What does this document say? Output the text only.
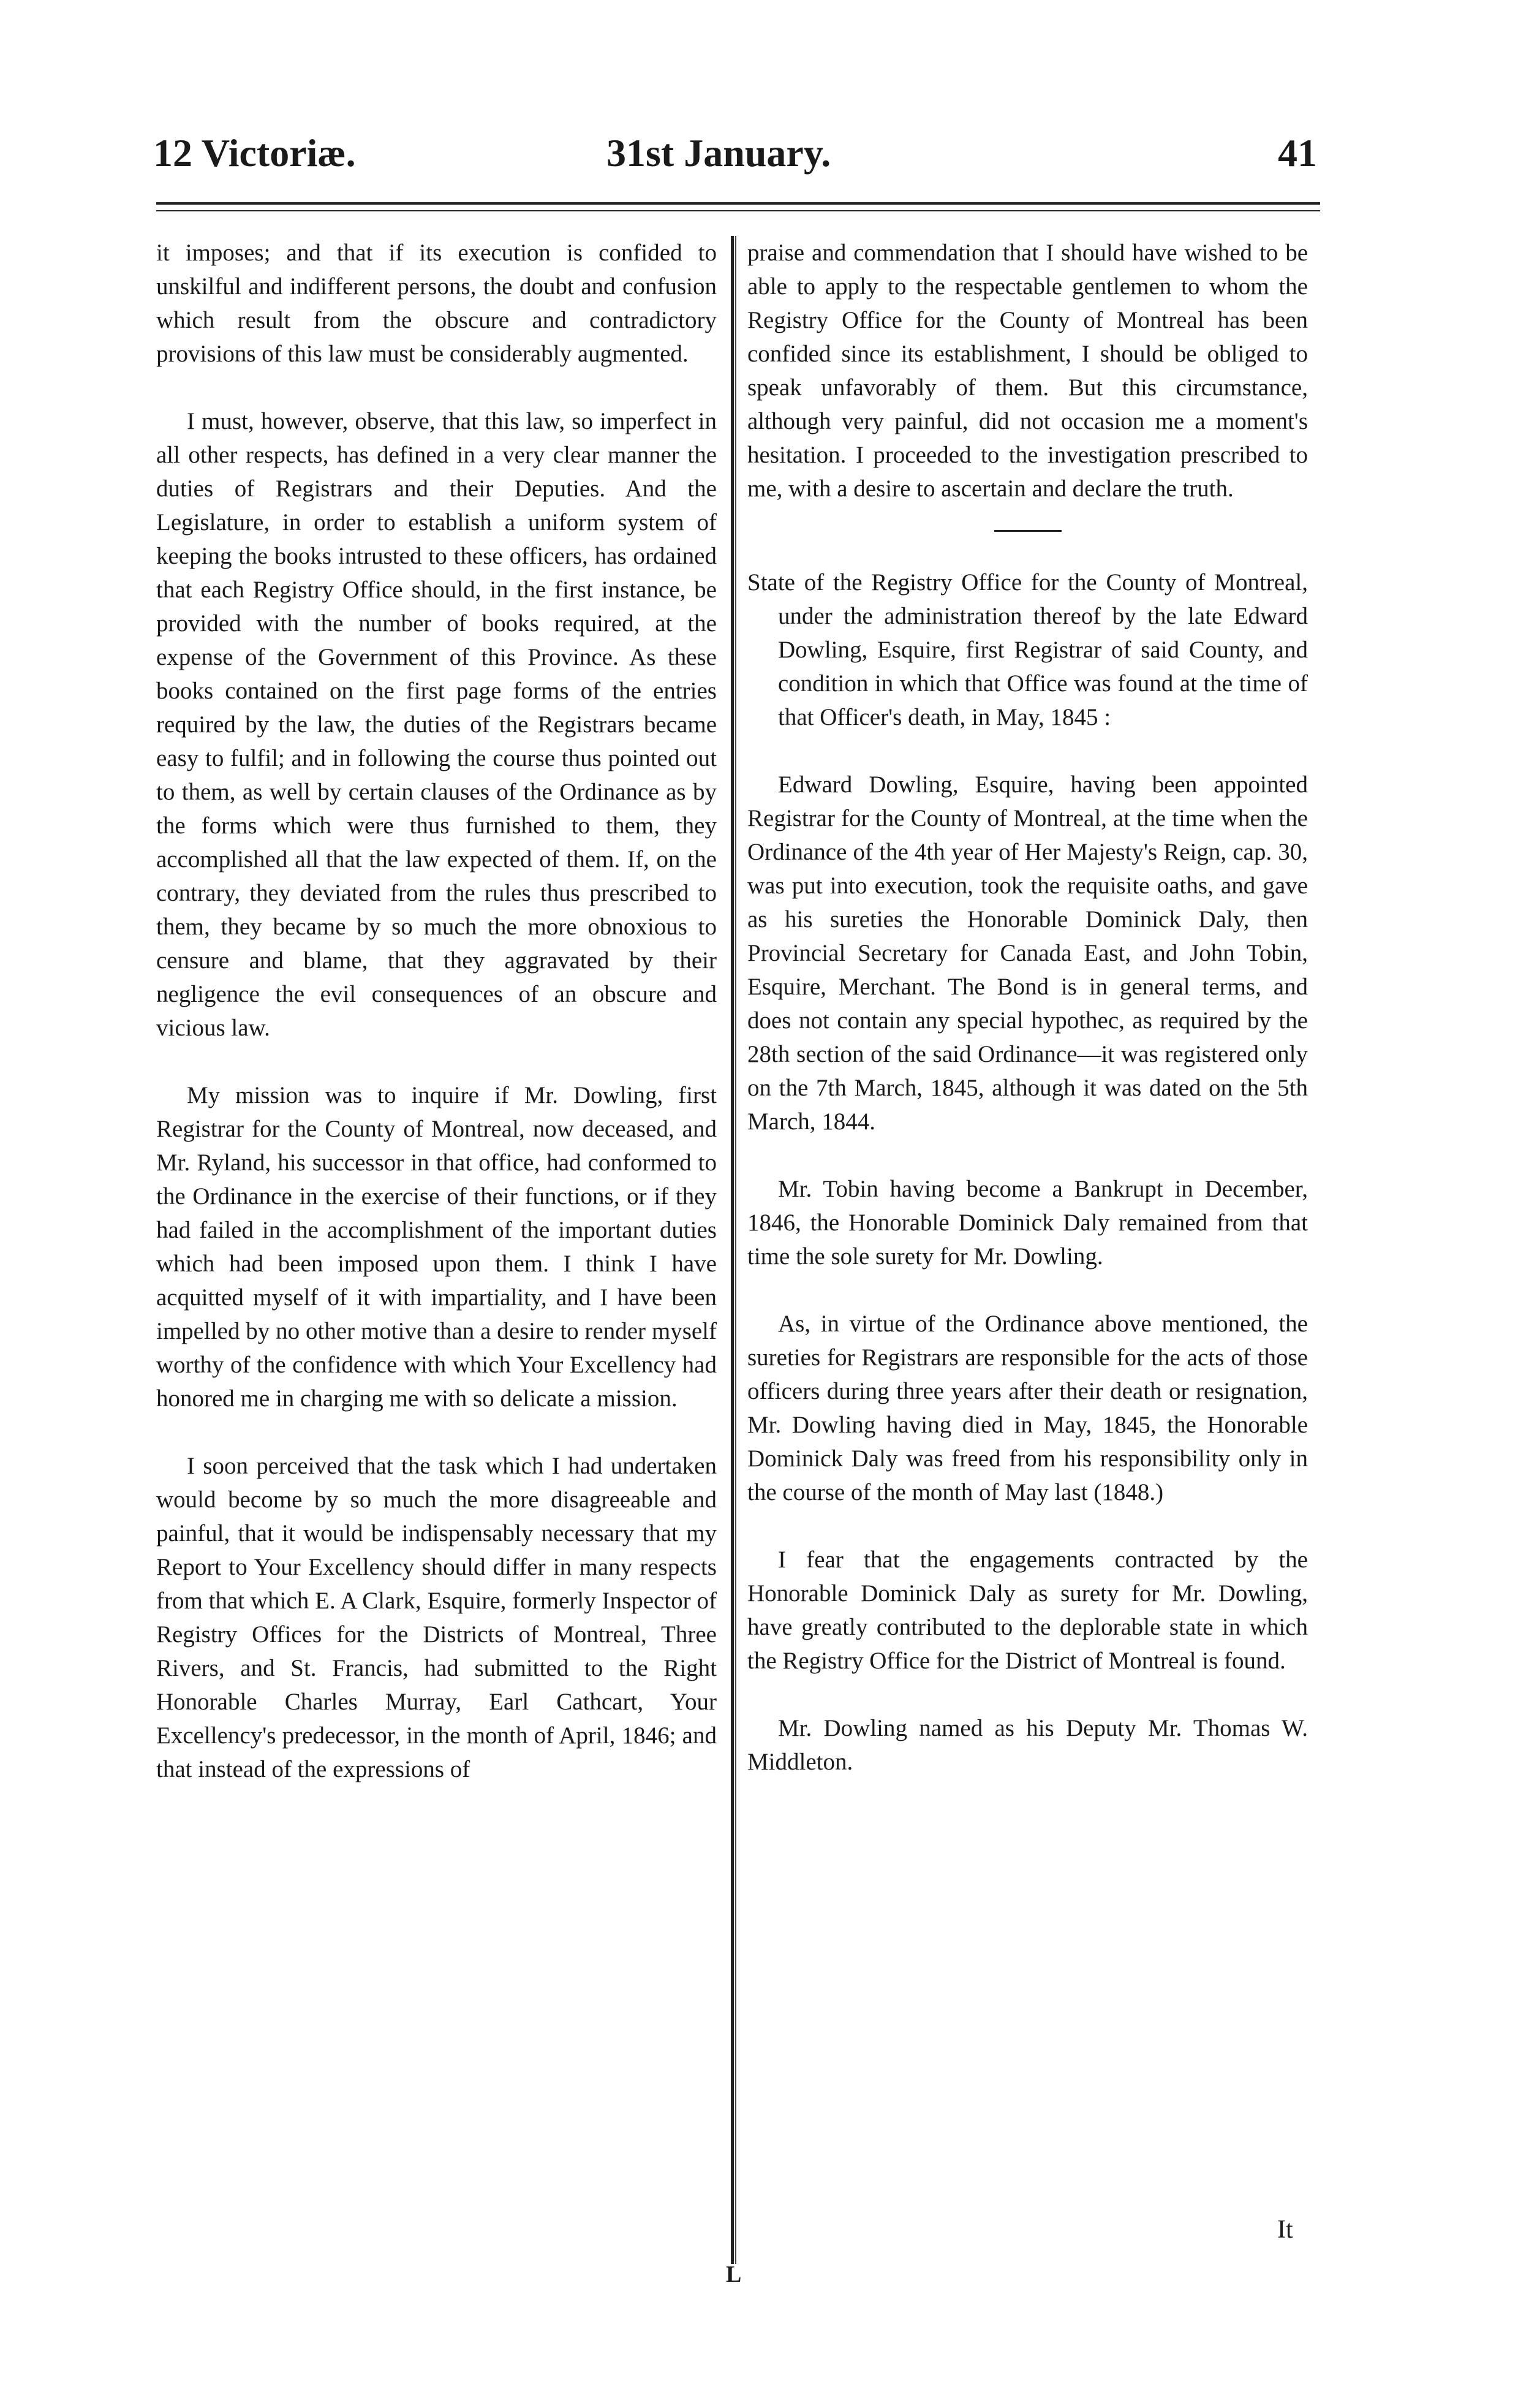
12 Victoriæ.	31st January.	41

it imposes; and that if its execution is confided to unskilful and indifferent persons, the doubt and confusion which result from the obscure and contradictory provisions of this law must be considerably augmented.

I must, however, observe, that this law, so imperfect in all other respects, has defined in a very clear manner the duties of Registrars and their Deputies. And the Legislature, in order to establish a uniform system of keeping the books intrusted to these officers, has ordained that each Registry Office should, in the first instance, be provided with the number of books required, at the expense of the Government of this Province. As these books contained on the first page forms of the entries required by the law, the duties of the Registrars became easy to fulfil; and in following the course thus pointed out to them, as well by certain clauses of the Ordinance as by the forms which were thus furnished to them, they accomplished all that the law expected of them. If, on the contrary, they deviated from the rules thus prescribed to them, they became by so much the more obnoxious to censure and blame, that they aggravated by their negligence the evil consequences of an obscure and vicious law.

My mission was to inquire if Mr. Dowling, first Registrar for the County of Montreal, now deceased, and Mr. Ryland, his successor in that office, had conformed to the Ordinance in the exercise of their functions, or if they had failed in the accomplishment of the important duties which had been imposed upon them. I think I have acquitted myself of it with impartiality, and I have been impelled by no other motive than a desire to render myself worthy of the confidence with which Your Excellency had honored me in charging me with so delicate a mission.

I soon perceived that the task which I had undertaken would become by so much the more disagreeable and painful, that it would be indispensably necessary that my Report to Your Excellency should differ in many respects from that which E. A Clark, Esquire, formerly Inspector of Registry Offices for the Districts of Montreal, Three Rivers, and St. Francis, had submitted to the Right Honorable Charles Murray, Earl Cathcart, Your Excellency's predecessor, in the month of April, 1846; and that instead of the expressions of

praise and commendation that I should have wished to be able to apply to the respectable gentlemen to whom the Registry Office for the County of Montreal has been confided since its establishment, I should be obliged to speak unfavorably of them. But this circumstance, although very painful, did not occasion me a moment's hesitation. I proceeded to the investigation prescribed to me, with a desire to ascertain and declare the truth.

State of the Registry Office for the County of Montreal, under the administration thereof by the late Edward Dowling, Esquire, first Registrar of said County, and condition in which that Office was found at the time of that Officer's death, in May, 1845 :

Edward Dowling, Esquire, having been appointed Registrar for the County of Montreal, at the time when the Ordinance of the 4th year of Her Majesty's Reign, cap. 30, was put into execution, took the requisite oaths, and gave as his sureties the Honorable Dominick Daly, then Provincial Secretary for Canada East, and John Tobin, Esquire, Merchant. The Bond is in general terms, and does not contain any special hypothec, as required by the 28th section of the said Ordinance—it was registered only on the 7th March, 1845, although it was dated on the 5th March, 1844.

Mr. Tobin having become a Bankrupt in December, 1846, the Honorable Dominick Daly remained from that time the sole surety for Mr. Dowling.

As, in virtue of the Ordinance above mentioned, the sureties for Registrars are responsible for the acts of those officers during three years after their death or resignation, Mr. Dowling having died in May, 1845, the Honorable Dominick Daly was freed from his responsibility only in the course of the month of May last (1848.)

I fear that the engagements contracted by the Honorable Dominick Daly as surety for Mr. Dowling, have greatly contributed to the deplorable state in which the Registry Office for the District of Montreal is found.

Mr. Dowling named as his Deputy Mr. Thomas W. Middleton.

It
L
